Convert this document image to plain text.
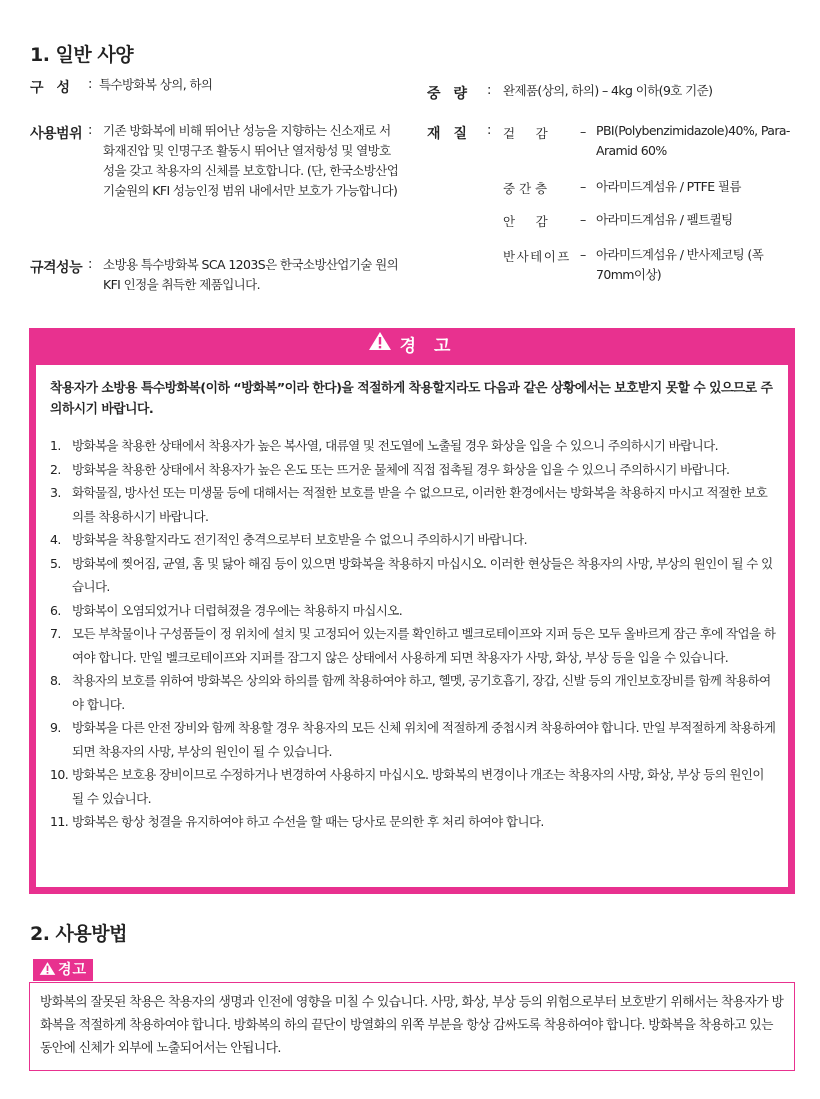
1. 일반 사양
구　성	: 특수방화복 상의, 하의
사용범위 : 기존 방화복에 비해 뛰어난 성능을 지향하는 신소재로 서 화재진압 및 인명구조 활동시 뛰어난 열저항성 및 열방호성을 갖고 착용자의 신체를 보호합니다. (단, 한국소방산업기술원의 KFI 성능인정 범위 내에서만 보호가 가능합니다)
규격성능 : 소방용 특수방화복 SCA 1203S은 한국소방산업기술 원의 KFI 인정을 취득한 제품입니다.
중　량 : 완제품(상의, 하의) – 4kg 이하(9호 기준)
재　질 : 겉　감 – PBI(Polybenzimidazole)40%, Para-Aramid 60%
중간층 – 아라미드계섬유 / PTFE 필름
안　감 – 아라미드계섬유 / 펠트퀼팅
반사테이프 – 아라미드계섬유 / 반사제코팅 (폭70mm이상)
경 고
착용자가 소방용 특수방화복(이하 “방화복”이라 한다)을 적절하게 착용할지라도 다음과 같은 상황에서는 보호받지 못할 수 있으므로 주의하시기 바랍니다.
1. 방화복을 착용한 상태에서 착용자가 높은 복사열, 대류열 및 전도열에 노출될 경우 화상을 입을 수 있으니 주의하시기 바랍니다.
2. 방화복을 착용한 상태에서 착용자가 높은 온도 또는 뜨거운 물체에 직접 접촉될 경우 화상을 입을 수 있으니 주의하시기 바랍니다.
3. 화학물질, 방사선 또는 미생물 등에 대해서는 적절한 보호를 받을 수 없으므로, 이러한 환경에서는 방화복을 착용하지 마시고 적절한 보호의를 착용하시기 바랍니다.
4. 방화복을 착용할지라도 전기적인 충격으로부터 보호받을 수 없으니 주의하시기 바랍니다.
5. 방화복에 찢어짐, 균열, 홈 및 닳아 해짐 등이 있으면 방화복을 착용하지 마십시오. 이러한 현상들은 착용자의 사망, 부상의 원인이 될 수 있습니다.
6. 방화복이 오염되었거나 더럽혀졌을 경우에는 착용하지 마십시오.
7. 모든 부착물이나 구성품들이 정 위치에 설치 및 고정되어 있는지를 확인하고 벨크로테이프와 지퍼 등은 모두 올바르게 잠근 후에 작업을 하여야 합니다. 만일 벨크로테이프와 지퍼를 잠그지 않은 상태에서 사용하게 되면 착용자가 사망, 화상, 부상 등을 입을 수 있습니다.
8. 착용자의 보호를 위하여 방화복은 상의와 하의를 함께 착용하여야 하고, 헬멧, 공기호흡기, 장갑, 신발 등의 개인보호장비를 함께 착용하여야 합니다.
9. 방화복을 다른 안전 장비와 함께 착용할 경우 착용자의 모든 신체 위치에 적절하게 중첩시켜 착용하여야 합니다. 만일 부적절하게 착용하게 되면 착용자의 사망, 부상의 원인이 될 수 있습니다.
10. 방화복은 보호용 장비이므로 수정하거나 변경하여 사용하지 마십시오. 방화복의 변경이나 개조는 착용자의 사망, 화상, 부상 등의 원인이 될 수 있습니다.
11. 방화복은 항상 청결을 유지하여야 하고 수선을 할 때는 당사로 문의한 후 처리 하여야 합니다.
2. 사용방법
경고
방화복의 잘못된 착용은 착용자의 생명과 인전에 영향을 미칠 수 있습니다. 사망, 화상, 부상 등의 위험으로부터 보호받기 위해서는 착용자가 방화복을 적절하게 착용하여야 합니다. 방화복의 하의 끝단이 방열화의 위쪽 부분을 항상 감싸도록 착용하여야 합니다. 방화복을 착용하고 있는 동안에 신체가 외부에 노출되어서는 안됩니다.
